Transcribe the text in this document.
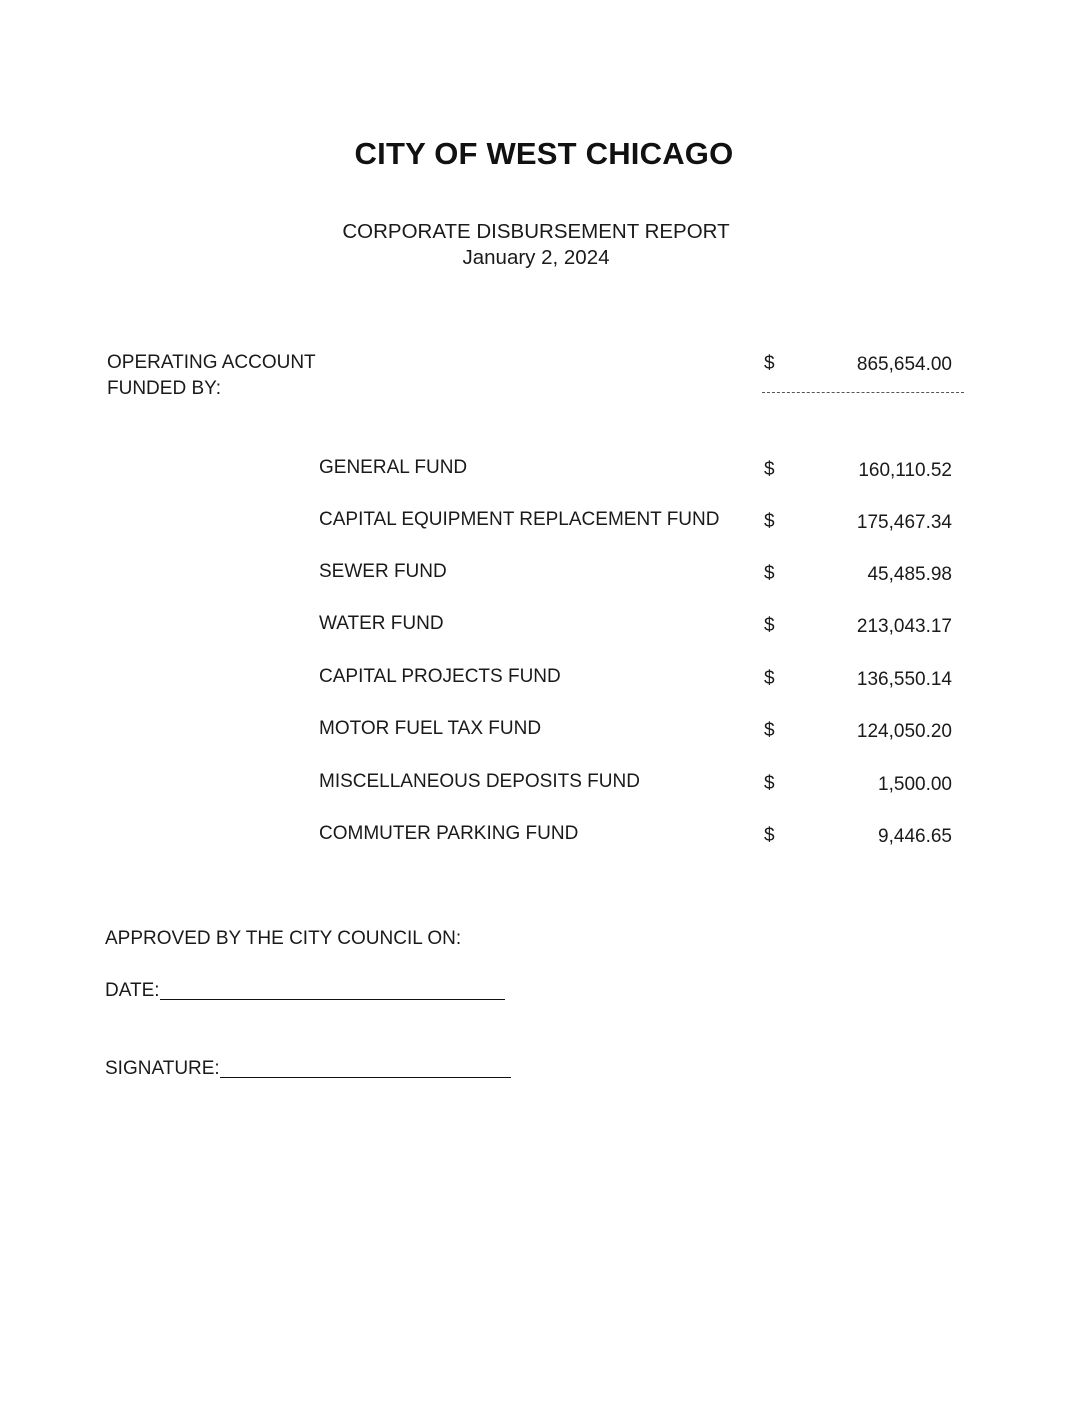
CITY OF WEST CHICAGO
CORPORATE DISBURSEMENT REPORT
January 2, 2024
OPERATING ACCOUNT
FUNDED BY:
$	865,654.00
GENERAL FUND	$	160,110.52
CAPITAL EQUIPMENT REPLACEMENT FUND $	175,467.34
SEWER FUND	$	45,485.98
WATER FUND	$	213,043.17
CAPITAL PROJECTS FUND	$	136,550.14
MOTOR FUEL TAX FUND	$	124,050.20
MISCELLANEOUS DEPOSITS FUND	$	1,500.00
COMMUTER PARKING FUND	$	9,446.65
APPROVED BY THE CITY COUNCIL ON:
DATE:
SIGNATURE:
